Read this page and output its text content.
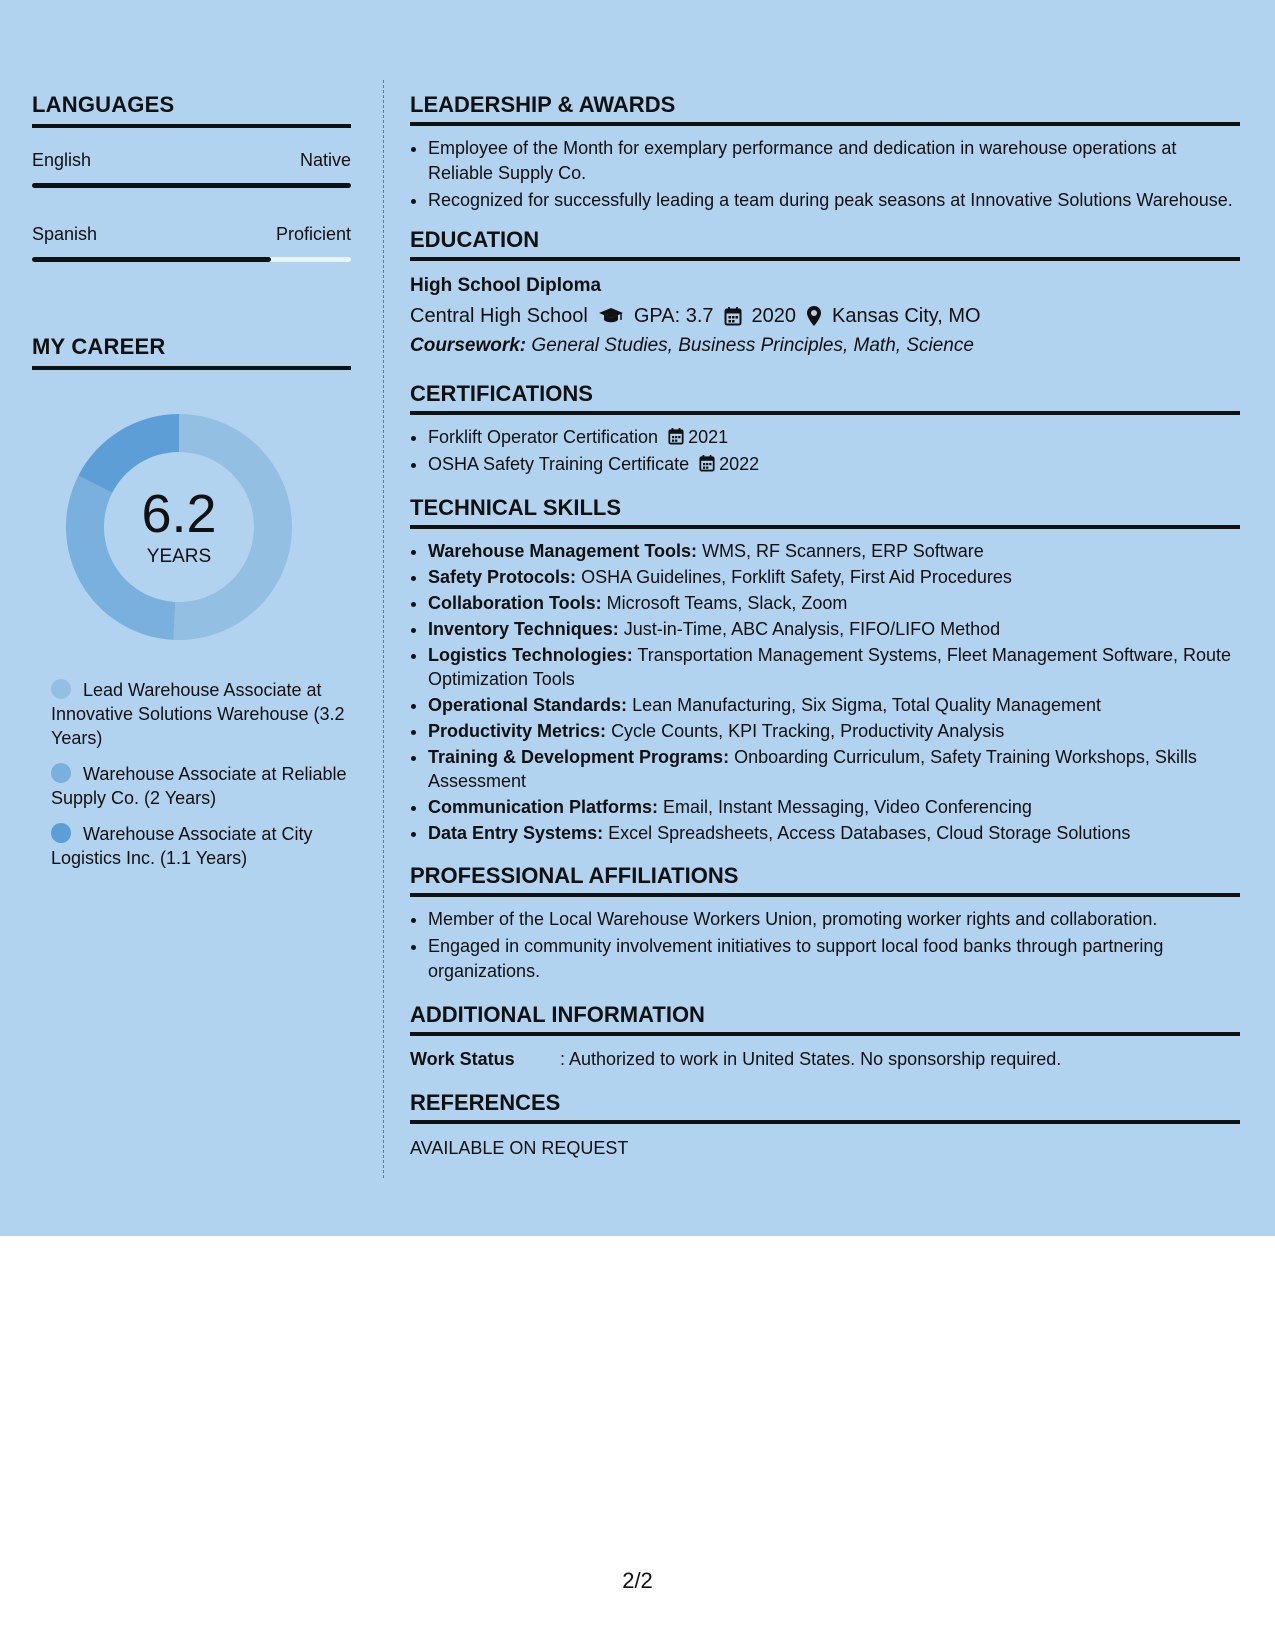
LANGUAGES
English	Native
Spanish	Proficient
MY CAREER
6.2
YEARS
Lead Warehouse Associate at Innovative Solutions Warehouse (3.2 Years)
Warehouse Associate at Reliable Supply Co. (2 Years)
Warehouse Associate at City Logistics Inc. (1.1 Years)
LEADERSHIP & AWARDS
• Employee of the Month for exemplary performance and dedication in warehouse operations at Reliable Supply Co.
• Recognized for successfully leading a team during peak seasons at Innovative Solutions Warehouse.
EDUCATION
High School Diploma
Central High School GPA: 3.7 2020 Kansas City, MO
Coursework: General Studies, Business Principles, Math, Science
CERTIFICATIONS
• Forklift Operator Certification 2021
• OSHA Safety Training Certificate 2022
TECHNICAL SKILLS
• Warehouse Management Tools: WMS, RF Scanners, ERP Software
• Safety Protocols: OSHA Guidelines, Forklift Safety, First Aid Procedures
• Collaboration Tools: Microsoft Teams, Slack, Zoom
• Inventory Techniques: Just-in-Time, ABC Analysis, FIFO/LIFO Method
• Logistics Technologies: Transportation Management Systems, Fleet Management Software, Route Optimization Tools
• Operational Standards: Lean Manufacturing, Six Sigma, Total Quality Management
• Productivity Metrics: Cycle Counts, KPI Tracking, Productivity Analysis
• Training & Development Programs: Onboarding Curriculum, Safety Training Workshops, Skills Assessment
• Communication Platforms: Email, Instant Messaging, Video Conferencing
• Data Entry Systems: Excel Spreadsheets, Access Databases, Cloud Storage Solutions
PROFESSIONAL AFFILIATIONS
• Member of the Local Warehouse Workers Union, promoting worker rights and collaboration.
• Engaged in community involvement initiatives to support local food banks through partnering organizations.
ADDITIONAL INFORMATION
Work Status	: Authorized to work in United States. No sponsorship required.
REFERENCES
AVAILABLE ON REQUEST
2/2
